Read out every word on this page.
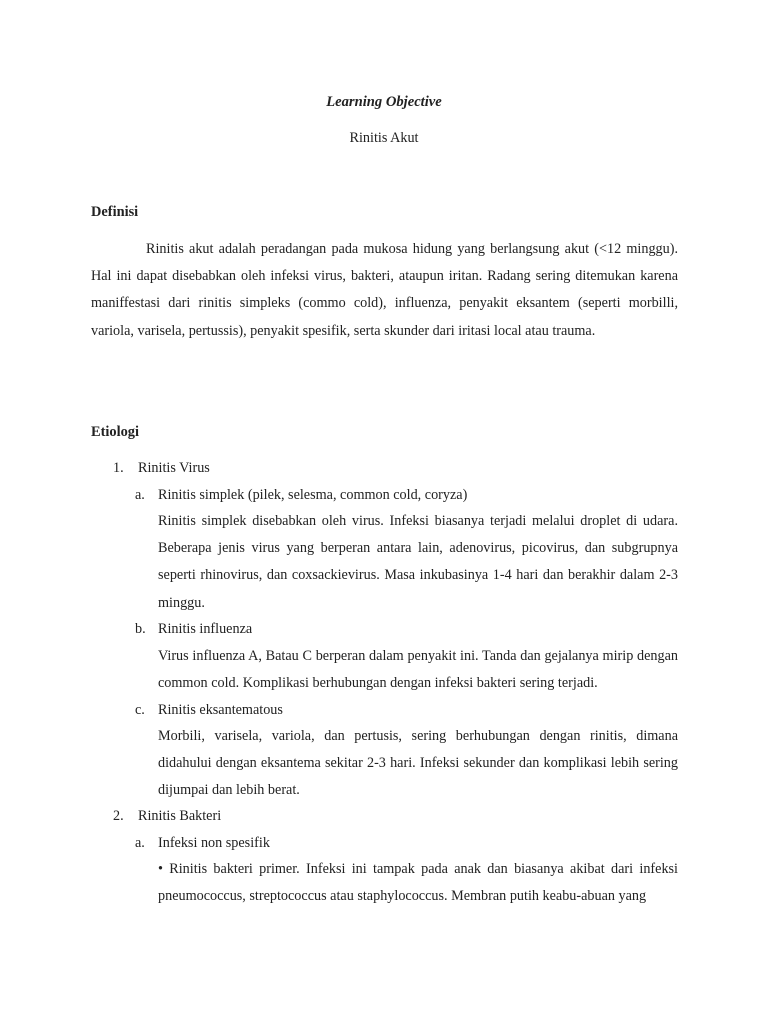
Learning Objective
Rinitis Akut
Definisi

Rinitis akut adalah peradangan pada mukosa hidung yang berlangsung akut (<12 minggu). Hal ini dapat disebabkan oleh infeksi virus, bakteri, ataupun iritan. Radang sering ditemukan karena maniffestasi dari rinitis simpleks (commo cold), influenza, penyakit eksantem (seperti morbilli, variola, varisela, pertussis), penyakit spesifik, serta skunder dari iritasi local atau trauma.

Etiologi
1. Rinitis Virus
a. Rinitis simplek (pilek, selesma, common cold, coryza)

Rinitis simplek disebabkan oleh virus. Infeksi biasanya terjadi melalui droplet di udara. Beberapa jenis virus yang berperan antara lain, adenovirus, picovirus, dan subgrupnya seperti rhinovirus, dan coxsackievirus. Masa inkubasinya 1-4 hari dan berakhir dalam 2-3 minggu.

b. Rinitis influenza

Virus influenza A, Batau C berperan dalam penyakit ini. Tanda dan gejalanya mirip dengan common cold. Komplikasi berhubungan dengan infeksi bakteri sering terjadi.

c. Rinitis eksantematous

Morbili, varisela, variola, dan pertusis, sering berhubungan dengan rinitis, dimana didahului dengan eksantema sekitar 2-3 hari. Infeksi sekunder dan komplikasi lebih sering dijumpai dan lebih berat.

2. Rinitis Bakteri
a. Infeksi non spesifik

• Rinitis bakteri primer. Infeksi ini tampak pada anak dan biasanya akibat dari infeksi pneumococcus, streptococcus atau staphylococcus. Membran putih keabu-abuan yang
